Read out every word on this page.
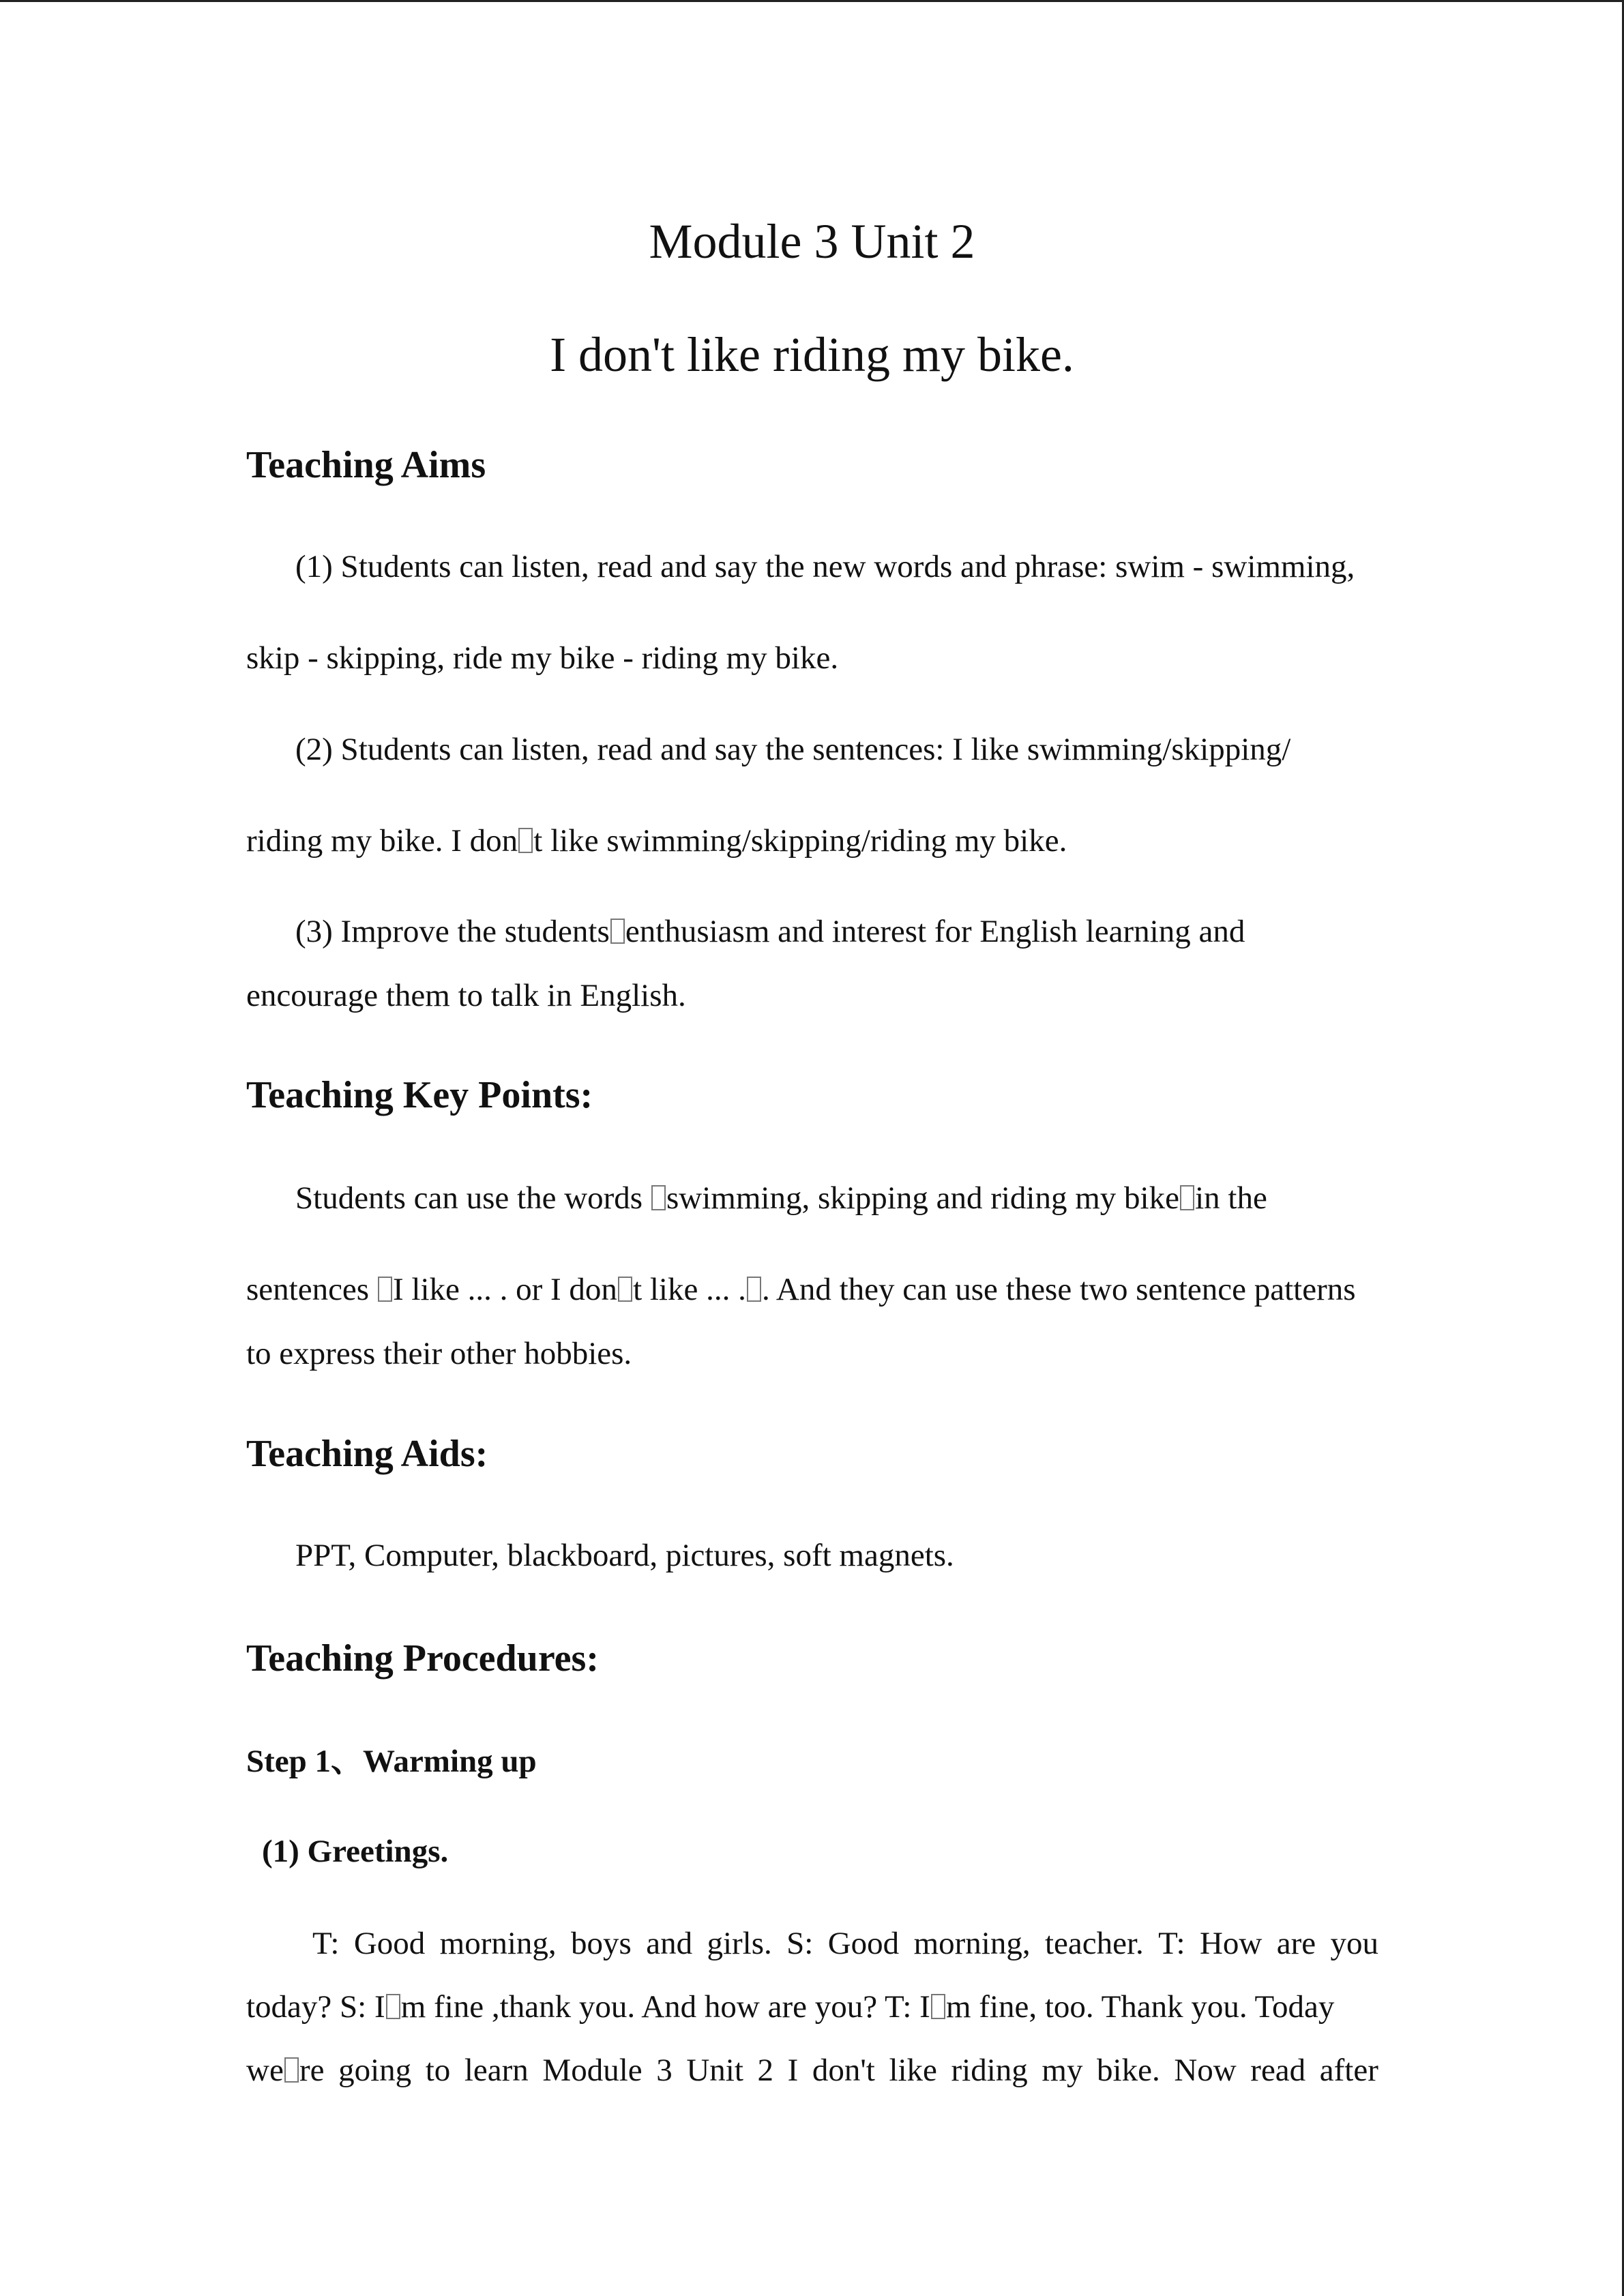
Module 3 Unit 2
I don't like riding my bike.
Teaching Aims
(1) Students can listen, read and say the new words and phrase: swim - swimming,
skip - skipping, ride my bike - riding my bike.
(2) Students can listen, read and say the sentences: I like swimming/skipping/
riding my bike. I don t like swimming/skipping/riding my bike.
(3) Improve the students enthusiasm and interest for English learning and
encourage them to talk in English.
Teaching Key Points:
Students can use the words swimming, skipping and riding my bike in the
sentences I like ... . or I don t like ... . . And they can use these two sentence patterns
to express their other hobbies.
Teaching Aids:
PPT, Computer, blackboard, pictures, soft magnets.
Teaching Procedures:
Step 1、Warming up
(1) Greetings.
T: Good morning, boys and girls. S: Good morning, teacher. T: How are you
today? S: I m fine ,thank you. And how are you? T: I m fine, too. Thank you. Today
we re going to learn Module 3 Unit 2 I don't like riding my bike. Now read after
